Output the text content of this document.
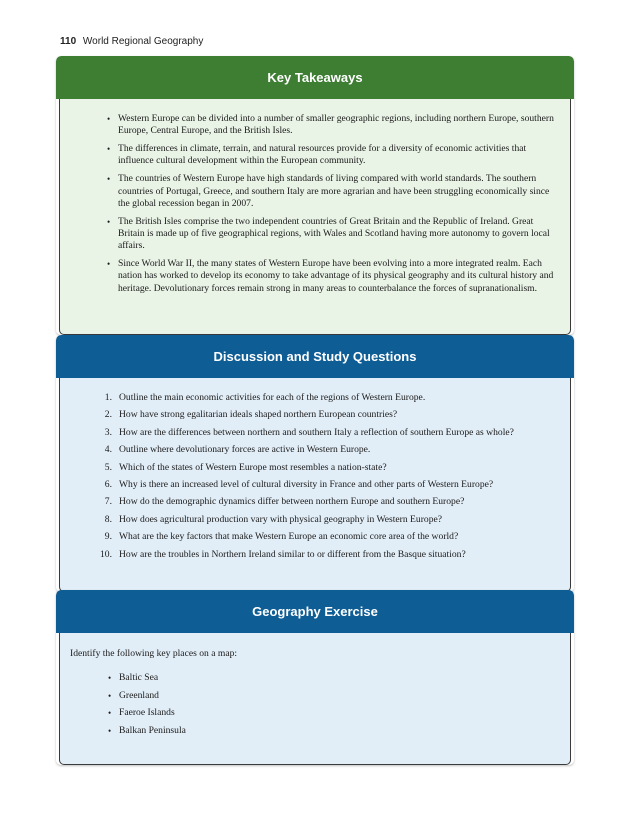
110 World Regional Geography
Key Takeaways
• Western Europe can be divided into a number of smaller geographic regions, including northern Europe, southern Europe, Central Europe, and the British Isles.
• The differences in climate, terrain, and natural resources provide for a diversity of economic activities that influence cultural development within the European community.
• The countries of Western Europe have high standards of living compared with world standards. The southern countries of Portugal, Greece, and southern Italy are more agrarian and have been struggling economically since the global recession began in 2007.
• The British Isles comprise the two independent countries of Great Britain and the Republic of Ireland. Great Britain is made up of five geographical regions, with Wales and Scotland having more autonomy to govern local affairs.
• Since World War II, the many states of Western Europe have been evolving into a more integrated realm. Each nation has worked to develop its economy to take advantage of its physical geography and its cultural history and heritage. Devolutionary forces remain strong in many areas to counterbalance the forces of supranationalism.
Discussion and Study Questions
1. Outline the main economic activities for each of the regions of Western Europe.
2. How have strong egalitarian ideals shaped northern European countries?
3. How are the differences between northern and southern Italy a reflection of southern Europe as whole?
4. Outline where devolutionary forces are active in Western Europe.
5. Which of the states of Western Europe most resembles a nation-state?
6. Why is there an increased level of cultural diversity in France and other parts of Western Europe?
7. How do the demographic dynamics differ between northern Europe and southern Europe?
8. How does agricultural production vary with physical geography in Western Europe?
9. What are the key factors that make Western Europe an economic core area of the world?
10. How are the troubles in Northern Ireland similar to or different from the Basque situation?
Geography Exercise
Identify the following key places on a map:
• Baltic Sea
• Greenland
• Faeroe Islands
• Balkan Peninsula
